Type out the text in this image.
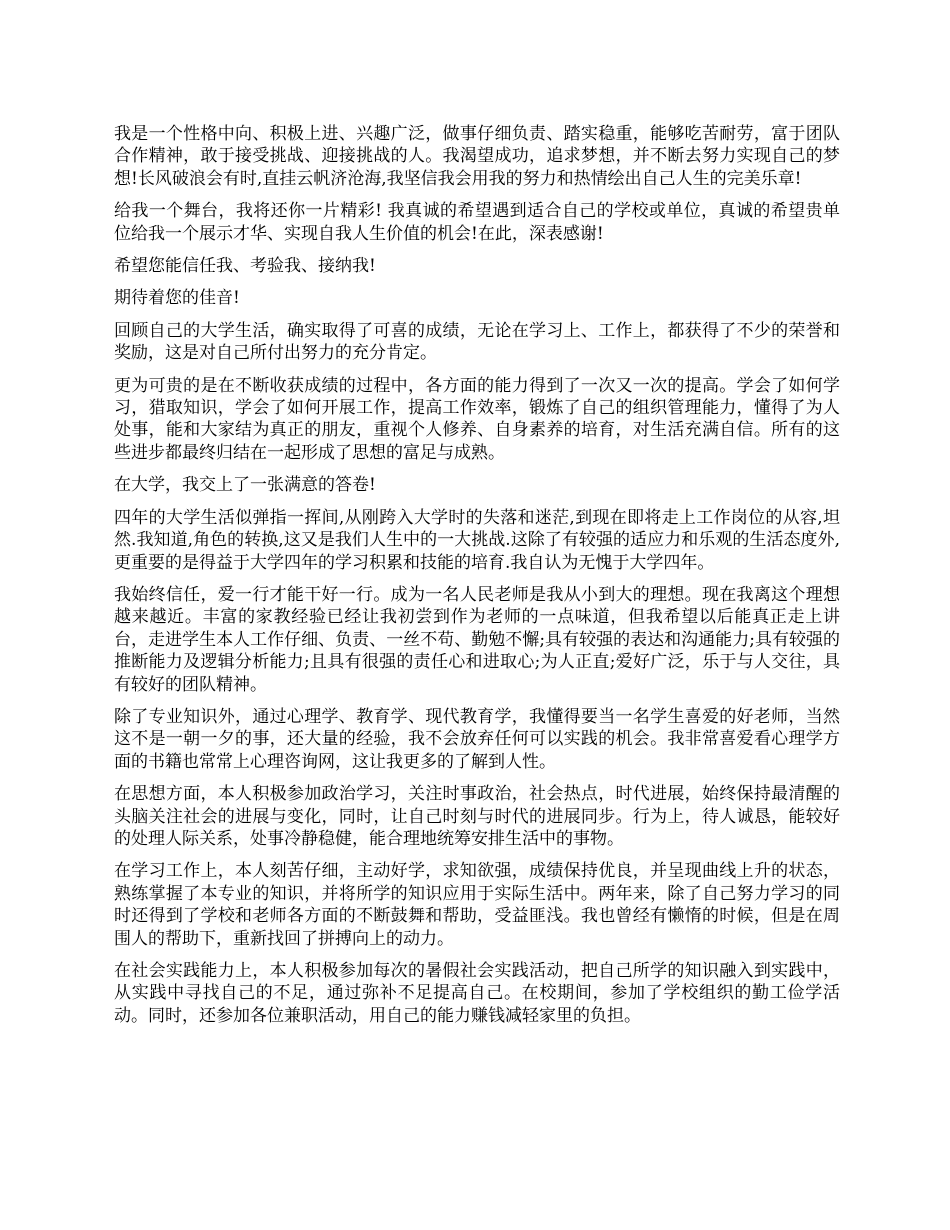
我是一个性格中向、积极上进、兴趣广泛，做事仔细负责、踏实稳重，能够吃苦耐劳，富于团队合作精神，敢于接受挑战、迎接挑战的人。我渴望成功，追求梦想，并不断去努力实现自己的梦想!长风破浪会有时,直挂云帆济沧海,我坚信我会用我的努力和热情绘出自己人生的完美乐章!

给我一个舞台，我将还你一片精彩! 我真诚的希望遇到适合自己的学校或单位，真诚的希望贵单位给我一个展示才华、实现自我人生价值的机会!在此，深表感谢!

希望您能信任我、考验我、接纳我!

期待着您的佳音!

回顾自己的大学生活，确实取得了可喜的成绩，无论在学习上、工作上，都获得了不少的荣誉和奖励，这是对自己所付出努力的充分肯定。

更为可贵的是在不断收获成绩的过程中，各方面的能力得到了一次又一次的提高。学会了如何学习，猎取知识，学会了如何开展工作，提高工作效率，锻炼了自己的组织管理能力，懂得了为人处事，能和大家结为真正的朋友，重视个人修养、自身素养的培育，对生活充满自信。所有的这些进步都最终归结在一起形成了思想的富足与成熟。

在大学，我交上了一张满意的答卷!

四年的大学生活似弹指一挥间,从刚跨入大学时的失落和迷茫,到现在即将走上工作岗位的从容,坦然.我知道,角色的转换,这又是我们人生中的一大挑战.这除了有较强的适应力和乐观的生活态度外,更重要的是得益于大学四年的学习积累和技能的培育.我自认为无愧于大学四年。

我始终信任，爱一行才能干好一行。成为一名人民老师是我从小到大的理想。现在我离这个理想越来越近。丰富的家教经验已经让我初尝到作为老师的一点味道，但我希望以后能真正走上讲台，走进学生本人工作仔细、负责、一丝不苟、勤勉不懈;具有较强的表达和沟通能力;具有较强的推断能力及逻辑分析能力;且具有很强的责任心和进取心;为人正直;爱好广泛，乐于与人交往，具有较好的团队精神。

除了专业知识外，通过心理学、教育学、现代教育学，我懂得要当一名学生喜爱的好老师，当然这不是一朝一夕的事，还大量的经验，我不会放弃任何可以实践的机会。我非常喜爱看心理学方面的书籍也常常上心理咨询网，这让我更多的了解到人性。

在思想方面，本人积极参加政治学习，关注时事政治，社会热点，时代进展，始终保持最清醒的头脑关注社会的进展与变化，同时，让自己时刻与时代的进展同步。行为上，待人诚恳，能较好的处理人际关系，处事冷静稳健，能合理地统筹安排生活中的事物。

在学习工作上，本人刻苦仔细，主动好学，求知欲强，成绩保持优良，并呈现曲线上升的状态，熟练掌握了本专业的知识，并将所学的知识应用于实际生活中。两年来，除了自己努力学习的同时还得到了学校和老师各方面的不断鼓舞和帮助，受益匪浅。我也曾经有懒惰的时候，但是在周围人的帮助下，重新找回了拼搏向上的动力。

在社会实践能力上，本人积极参加每次的暑假社会实践活动，把自己所学的知识融入到实践中，从实践中寻找自己的不足，通过弥补不足提高自己。在校期间，参加了学校组织的勤工俭学活动。同时，还参加各位兼职活动，用自己的能力赚钱减轻家里的负担。
